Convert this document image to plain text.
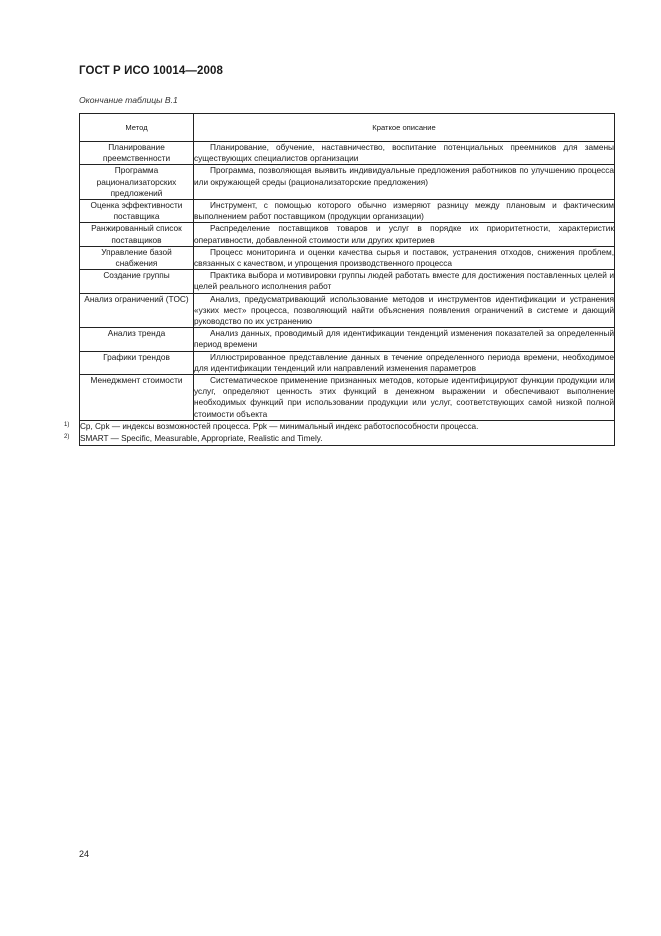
ГОСТ Р ИСО 10014—2008
Окончание таблицы В.1
Метод	Краткое описание
Планирование преемственности	Планирование, обучение, наставничество, воспитание потенциальных преемников для замены существующих специалистов организации
Программа рационализаторских предложений	Программа, позволяющая выявить индивидуальные предложения работников по улучшению процесса или окружающей среды (рационализаторские предложения)
Оценка эффективности поставщика	Инструмент, с помощью которого обычно измеряют разницу между плановым и фактическим выполнением работ поставщиком (продукции организации)
Ранжированный список поставщиков	Распределение поставщиков товаров и услуг в порядке их приоритетности, характеристик оперативности, добавленной стоимости или других критериев
Управление базой снабжения	Процесс мониторинга и оценки качества сырья и поставок, устранения отходов, снижения проблем, связанных с качеством, и упрощения производственного процесса
Создание группы	Практика выбора и мотивировки группы людей работать вместе для достижения поставленных целей и целей реального исполнения работ
Анализ ограничений (TOC)	Анализ, предусматривающий использование методов и инструментов идентификации и устранения «узких мест» процесса, позволяющий найти объяснения появления ограничений в системе и дающий руководство по их устранению
Анализ тренда	Анализ данных, проводимый для идентификации тенденций изменения показателей за определенный период времени
Графики трендов	Иллюстрированное представление данных в течение определенного периода времени, необходимое для идентификации тенденций или направлений изменения параметров
Менеджмент стоимости	Систематическое применение признанных методов, которые идентифицируют функции продукции или услуг, определяют ценность этих функций в денежном выражении и обеспечивают выполнение необходимых функций при использовании продукции или услуг, соответствующих самой низкой полной стоимости объекта

1) Cp, Cpk — индексы возможностей процесса. Ppk — минимальный индекс работоспособности процесса.
2) SMART — Specific, Measurable, Appropriate, Realistic and Timely.	
24
